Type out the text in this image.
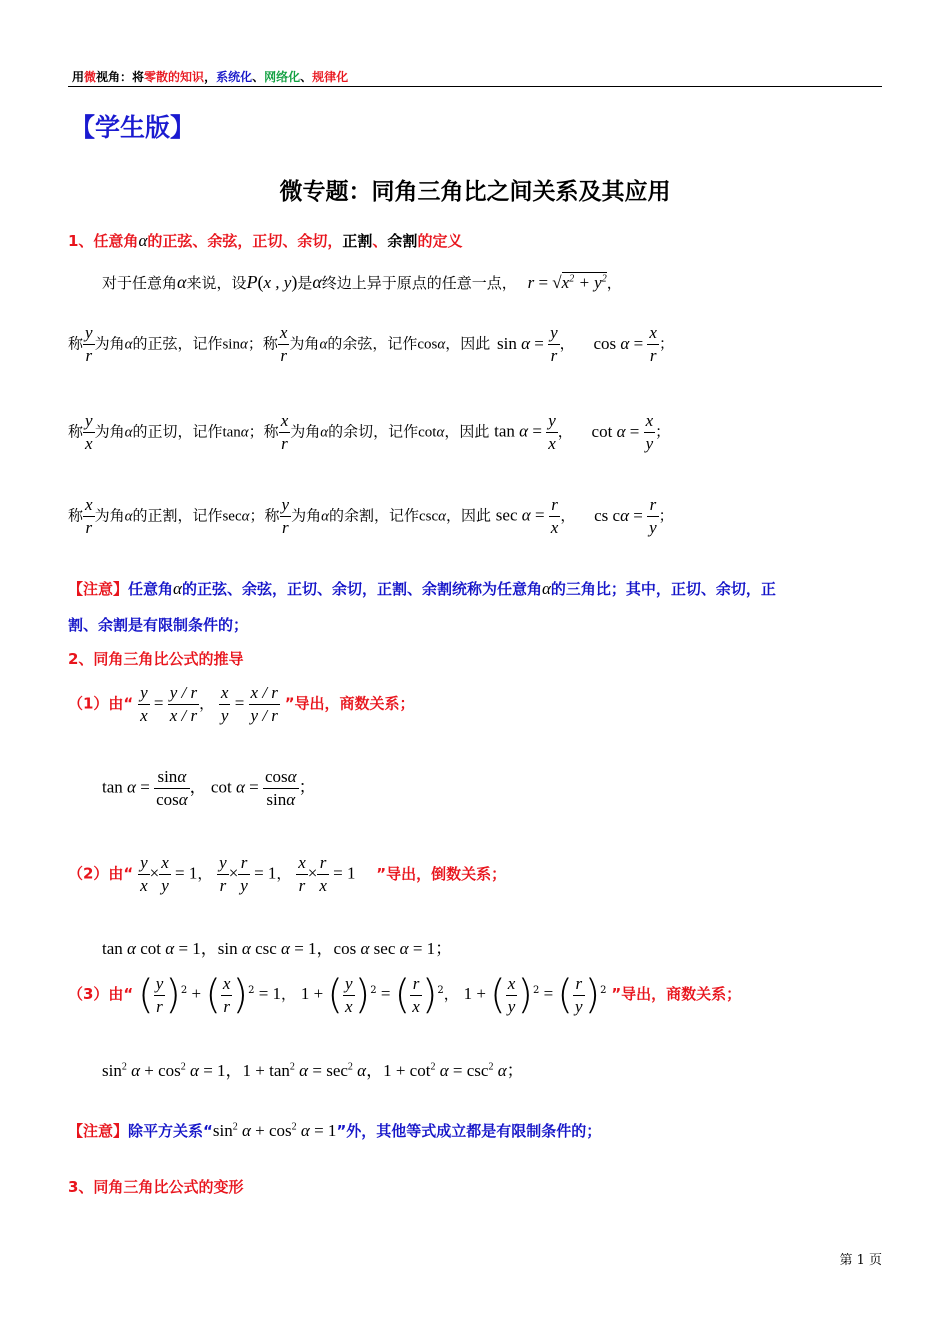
用微视角：将零散的知识，系统化、网络化、规律化
【学生版】
微专题：同角三角比之间关系及其应用
1、任意角α的正弦、余弦，正切、余切，正割、余割的定义
对于任意角α来说，设P(x , y)是α终边上异于原点的任意一点， $r = √x^2 + y^2$，
称 $\frac{y}{r}$ 为角α的正弦，记作sinα；称 $\frac{x}{r}$ 为角α的余弦，记作cosα，因此 $\sin \alpha = \frac{y}{r}$ ， $\cos \alpha = \frac{x}{r}$ ；
称 $\frac{y}{x}$ 为角α的正切，记作tanα；称 $\frac{x}{r}$ 为角α的余切，记作cotα，因此 $\tan \alpha = \frac{y}{x}$ ， $\cot \alpha = \frac{x}{y}$ ；
称 $\frac{x}{r}$ 为角α的正割，记作secα；称 $\frac{y}{r}$ 为角α的余割，记作cscα，因此 $\sec \alpha = \frac{r}{x}$ ， cs $c\alpha = \frac{r}{y}$ ；
【注意】任意角α的正弦、余弦，正切、余切，正割、余割统称为任意角α的三角比；其中，正切、余切，正
割、余割是有限制条件的；
2、同角三角比公式的推导
（1）由“ $\frac{y}{x} = \frac{y / r}{x / r}$ ， $\frac{x}{y} = \frac{x / r}{y / r}$ ”导出，商数关系；
$\tan \alpha = \frac{\sin\alpha}{\cos\alpha}$ ， $\cot \alpha = \frac{\cos\alpha}{\sin\alpha}$ ；
（2）由“ $\frac{y}{x} \times \frac{x}{y} = 1$， $\frac{y}{r} \times \frac{r}{y} = 1$， $\frac{x}{r} \times \frac{r}{x} = 1$ ”导出，倒数关系；
tan α cot α = 1，sin α csc α = 1，cos α sec α = 1；
（3）由“ ( $\frac{y}{r} )^2$ + ( $\frac{x}{r} )^2 = 1$， 1 + ( $\frac{y}{x} )^2$ = ( $\frac{r}{x} )^2$， 1 + ( $\frac{x}{y} )^2$ = ( $\frac{r}{y} )^2$ ”导出，商数关系；
$\sin^2 \alpha + \cos^2 \alpha = 1$，$1 + \tan^2 \alpha = \sec^2 \alpha$，$1 + \cot^2 \alpha = \csc^2 \alpha$；
【注意】除平方关系“$\sin^2$ $\alpha + \cos^2 \alpha = 1$”外，其他等式成立都是有限制条件的；
3、同角三角比公式的变形
第 1 页
